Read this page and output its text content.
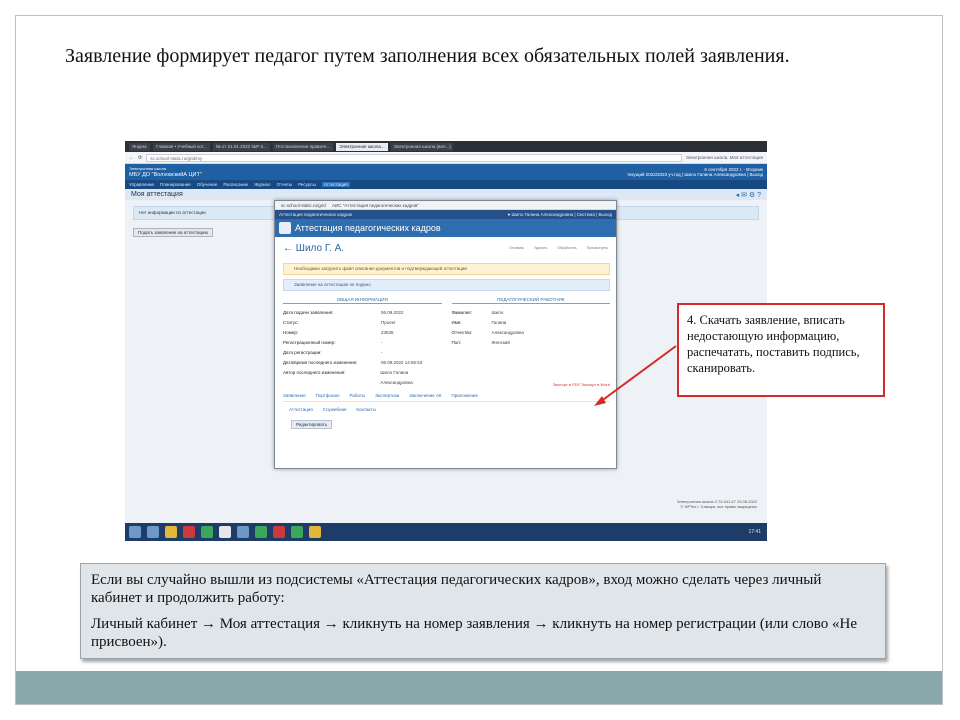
Заявление формирует педагог путем заполнения всех обязательных полей заявления.
Яндекс	Главная • Учебный кот...	№ от 21.01.2022 №Р-2...	Постановление правите...	Электронная школа...	Электронная школа (вал...)
← ⟳	sc.school-static.ru/grid/my	Электронная школа. Моя аттестация
Электронная школа
МБУ ДО "ВолховскийА ЦИТ"
6 сентября 2022 г. - Вторник
текущий 2022/2023 уч.год | Шило Галина Александровна | Выход
Управление Планирование Обучение Расписание Журнал Отчеты Ресурсы	Аттестация
Моя аттестация	◂ ✉ ⚙ ?
Нет информации по аттестации
Подать заявление на аттестацию
sc.school-static.ru/grid АИС "Аттестация педагогических кадров"
Аттестация педагогических кадров	● Шило Галина Александровна | Система | Выход
Аттестация педагогических кадров
← Шило Г. А.	Отозвать	Удалить	Обработать	Просмотреть
Необходимо загрузить файл описания документов и подтверждающей аттестации
Заявление на аттестацию не подано
ОБЩАЯ ИНФОРМАЦИЯ	ПЕДАГОГИЧЕСКИЙ РАБОТНИК
Дата подачи заявления:	06.09.2022
Статус:	Проект
Номер:	23635
Регистрационный номер:	-
Дата регистрации:	-
Дата/время последнего изменения:	06.09.2022 14:56:53
Автор последнего изменения:	Шило Галина Александровна
Фамилия:	Шило
Имя:	Галина
Отчество:	Александровна
Пол:	Женский
Экспорт в PDF Экспорт в Word
Заявление Портфолио Работы Экспертиза Заключение АК Приложение
Аттестация Служебная Контакты
Редактировать
Электронная школа 2.74.041.47 29.08.2022
© ИРТех г. Самара, все права защищены
17:41
4. Скачать заявление, вписать недостающую информацию, распечатать, поставить подпись, сканировать.

Если вы случайно вышли из подсистемы «Аттестация педагогических кадров», вход можно сделать через личный кабинет и продолжить работу:

Личный кабинет → Моя аттестация → кликнуть на номер заявления → кликнуть на номер регистрации (или слово «Не присвоен»).
